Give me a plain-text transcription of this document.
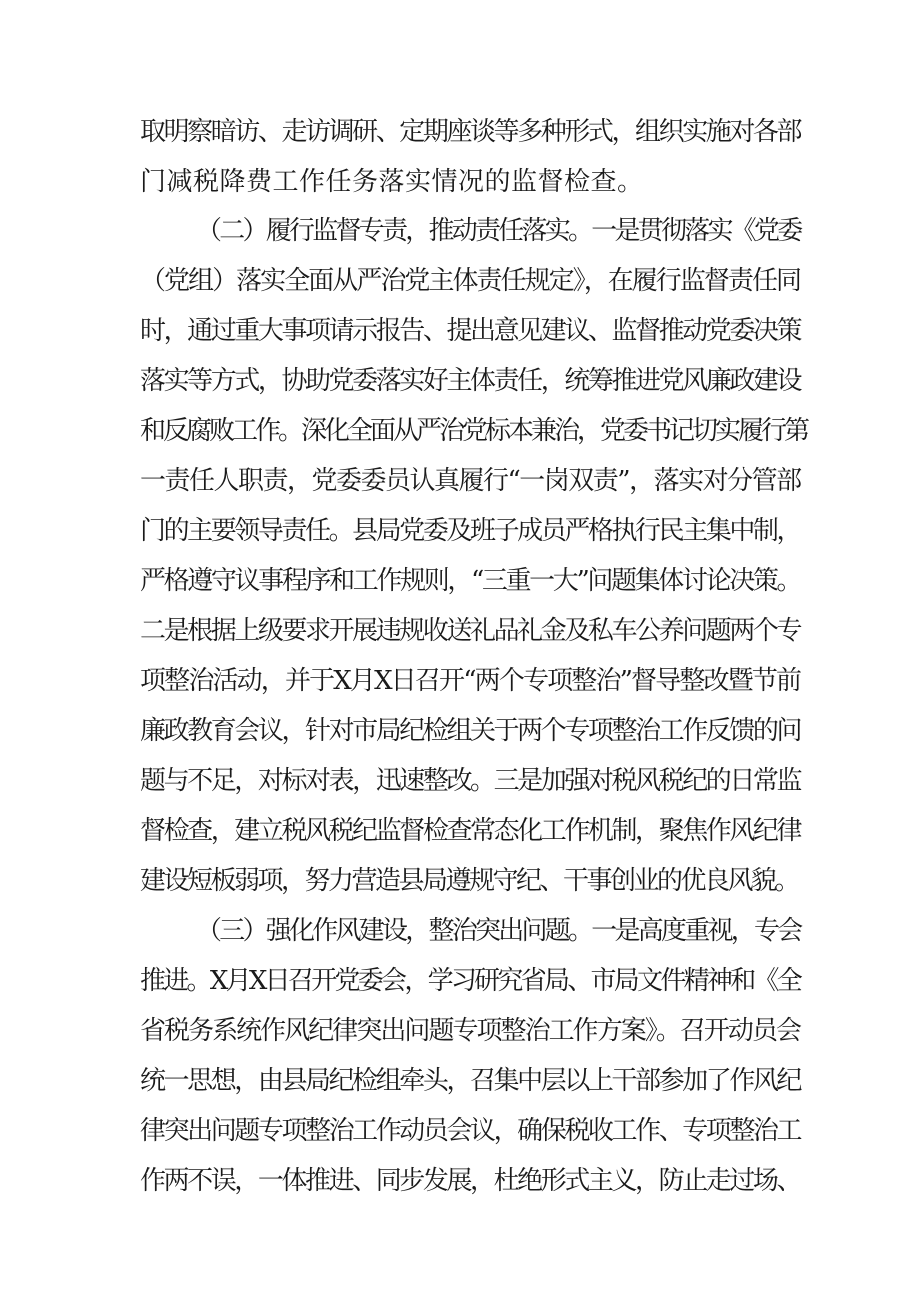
取明察暗访、走访调研、定期座谈等多种形式，组织实施对各部
门减税降费工作任务落实情况的监督检查。
（二）履行监督专责，推动责任落实。一是贯彻落实《党委
（党组）落实全面从严治党主体责任规定》，在履行监督责任同
时，通过重大事项请示报告、提出意见建议、监督推动党委决策
落实等方式，协助党委落实好主体责任，统筹推进党风廉政建设
和反腐败工作。深化全面从严治党标本兼治，党委书记切实履行第
一责任人职责，党委委员认真履行“一岗双责”，落实对分管部
门的主要领导责任。县局党委及班子成员严格执行民主集中制，
严格遵守议事程序和工作规则，“三重一大”问题集体讨论决策。
二是根据上级要求开展违规收送礼品礼金及私车公养问题两个专
项整治活动，并于X月X日召开“两个专项整治”督导整改暨节前
廉政教育会议，针对市局纪检组关于两个专项整治工作反馈的问
题与不足，对标对表，迅速整改。三是加强对税风税纪的日常监
督检查，建立税风税纪监督检查常态化工作机制，聚焦作风纪律
建设短板弱项，努力营造县局遵规守纪、干事创业的优良风貌。
（三）强化作风建设，整治突出问题。一是高度重视，专会
推进。X月X日召开党委会，学习研究省局、市局文件精神和《全
省税务系统作风纪律突出问题专项整治工作方案》。召开动员会
统一思想，由县局纪检组牵头，召集中层以上干部参加了作风纪
律突出问题专项整治工作动员会议，确保税收工作、专项整治工
作两不误，一体推进、同步发展，杜绝形式主义，防止走过场、
